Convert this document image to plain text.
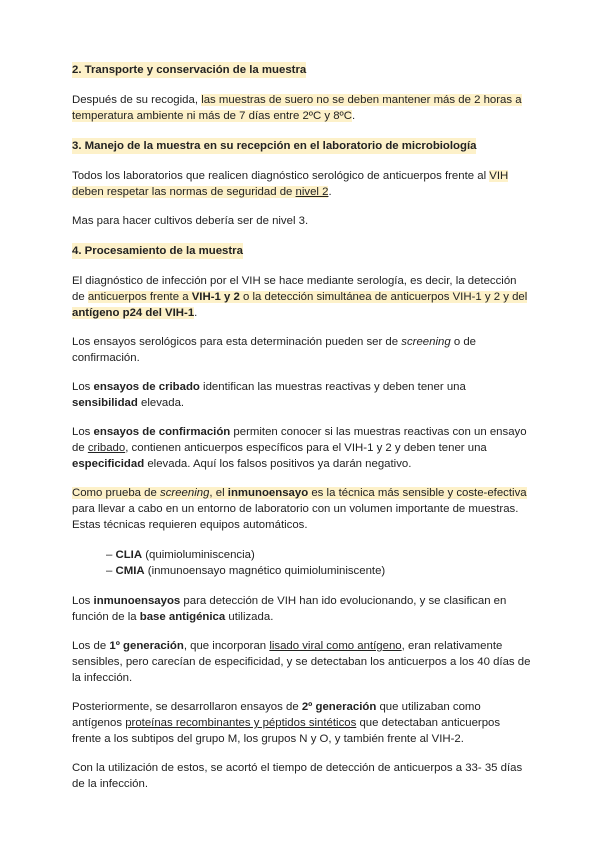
2. Transporte y conservación de la muestra

Después de su recogida, las muestras de suero no se deben mantener más de 2 horas a temperatura ambiente ni más de 7 días entre 2ºC y 8ºC.

3. Manejo de la muestra en su recepción en el laboratorio de microbiología

Todos los laboratorios que realicen diagnóstico serológico de anticuerpos frente al VIH deben respetar las normas de seguridad de nivel 2.

Mas para hacer cultivos debería ser de nivel 3.

4. Procesamiento de la muestra

El diagnóstico de infección por el VIH se hace mediante serología, es decir, la detección de anticuerpos frente a VIH-1 y 2 o la detección simultánea de anticuerpos VIH-1 y 2 y del antígeno p24 del VIH-1.

Los ensayos serológicos para esta determinación pueden ser de screening o de confirmación.

Los ensayos de cribado identifican las muestras reactivas y deben tener una sensibilidad elevada.

Los ensayos de confirmación permiten conocer si las muestras reactivas con un ensayo de cribado, contienen anticuerpos específicos para el VIH-1 y 2 y deben tener una especificidad elevada. Aquí los falsos positivos ya darán negativo.

Como prueba de screening, el inmunoensayo es la técnica más sensible y coste-efectiva para llevar a cabo en un entorno de laboratorio con un volumen importante de muestras. Estas técnicas requieren equipos automáticos.

– CLIA (quimioluminiscencia)

– CMIA (inmunoensayo magnético quimioluminiscente)

Los inmunoensayos para detección de VIH han ido evolucionando, y se clasifican en función de la base antigénica utilizada.

Los de 1º generación, que incorporan lisado viral como antígeno, eran relativamente sensibles, pero carecían de especificidad, y se detectaban los anticuerpos a los 40 días de la infección.

Posteriormente, se desarrollaron ensayos de 2º generación que utilizaban como antígenos proteínas recombinantes y péptidos sintéticos que detectaban anticuerpos frente a los subtipos del grupo M, los grupos N y O, y también frente al VIH-2.

Con la utilización de estos, se acortó el tiempo de detección de anticuerpos a 33- 35 días de la infección.
